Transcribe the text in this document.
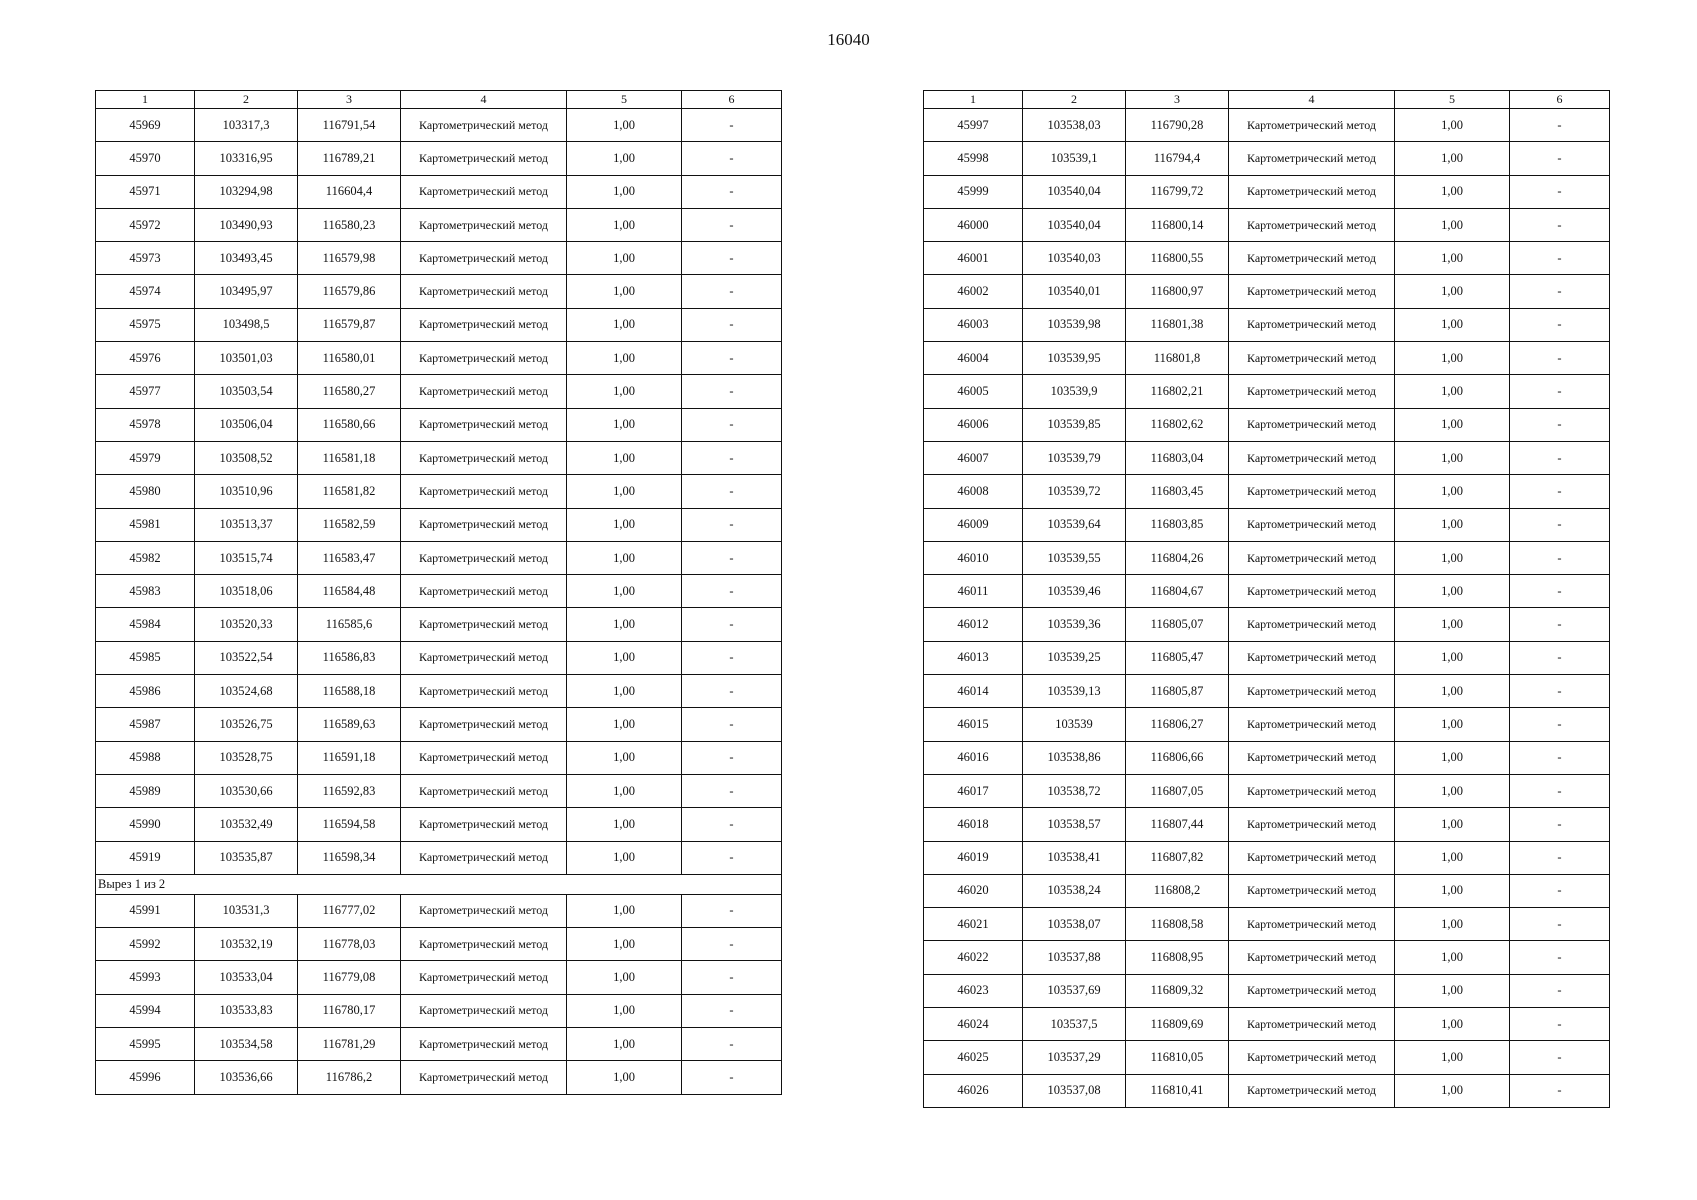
16040
1	2	3	4	5	6
45969	103317,3	116791,54	Картометрический метод	1,00	-
45970	103316,95	116789,21	Картометрический метод	1,00	-
45971	103294,98	116604,4	Картометрический метод	1,00	-
45972	103490,93	116580,23	Картометрический метод	1,00	-
45973	103493,45	116579,98	Картометрический метод	1,00	-
45974	103495,97	116579,86	Картометрический метод	1,00	-
45975	103498,5	116579,87	Картометрический метод	1,00	-
45976	103501,03	116580,01	Картометрический метод	1,00	-
45977	103503,54	116580,27	Картометрический метод	1,00	-
45978	103506,04	116580,66	Картометрический метод	1,00	-
45979	103508,52	116581,18	Картометрический метод	1,00	-
45980	103510,96	116581,82	Картометрический метод	1,00	-
45981	103513,37	116582,59	Картометрический метод	1,00	-
45982	103515,74	116583,47	Картометрический метод	1,00	-
45983	103518,06	116584,48	Картометрический метод	1,00	-
45984	103520,33	116585,6	Картометрический метод	1,00	-
45985	103522,54	116586,83	Картометрический метод	1,00	-
45986	103524,68	116588,18	Картометрический метод	1,00	-
45987	103526,75	116589,63	Картометрический метод	1,00	-
45988	103528,75	116591,18	Картометрический метод	1,00	-
45989	103530,66	116592,83	Картометрический метод	1,00	-
45990	103532,49	116594,58	Картометрический метод	1,00	-
45919	103535,87	116598,34	Картометрический метод	1,00	-
Вырез 1 из 2					
45991	103531,3	116777,02	Картометрический метод	1,00	-
45992	103532,19	116778,03	Картометрический метод	1,00	-
45993	103533,04	116779,08	Картометрический метод	1,00	-
45994	103533,83	116780,17	Картометрический метод	1,00	-
45995	103534,58	116781,29	Картометрический метод	1,00	-
45996	103536,66	116786,2	Картометрический метод	1,00	-
1	2	3	4	5	6
45997	103538,03	116790,28	Картометрический метод	1,00	-
45998	103539,1	116794,4	Картометрический метод	1,00	-
45999	103540,04	116799,72	Картометрический метод	1,00	-
46000	103540,04	116800,14	Картометрический метод	1,00	-
46001	103540,03	116800,55	Картометрический метод	1,00	-
46002	103540,01	116800,97	Картометрический метод	1,00	-
46003	103539,98	116801,38	Картометрический метод	1,00	-
46004	103539,95	116801,8	Картометрический метод	1,00	-
46005	103539,9	116802,21	Картометрический метод	1,00	-
46006	103539,85	116802,62	Картометрический метод	1,00	-
46007	103539,79	116803,04	Картометрический метод	1,00	-
46008	103539,72	116803,45	Картометрический метод	1,00	-
46009	103539,64	116803,85	Картометрический метод	1,00	-
46010	103539,55	116804,26	Картометрический метод	1,00	-
46011	103539,46	116804,67	Картометрический метод	1,00	-
46012	103539,36	116805,07	Картометрический метод	1,00	-
46013	103539,25	116805,47	Картометрический метод	1,00	-
46014	103539,13	116805,87	Картометрический метод	1,00	-
46015	103539	116806,27	Картометрический метод	1,00	-
46016	103538,86	116806,66	Картометрический метод	1,00	-
46017	103538,72	116807,05	Картометрический метод	1,00	-
46018	103538,57	116807,44	Картометрический метод	1,00	-
46019	103538,41	116807,82	Картометрический метод	1,00	-
46020	103538,24	116808,2	Картометрический метод	1,00	-
46021	103538,07	116808,58	Картометрический метод	1,00	-
46022	103537,88	116808,95	Картометрический метод	1,00	-
46023	103537,69	116809,32	Картометрический метод	1,00	-
46024	103537,5	116809,69	Картометрический метод	1,00	-
46025	103537,29	116810,05	Картометрический метод	1,00	-
46026	103537,08	116810,41	Картометрический метод	1,00	-
